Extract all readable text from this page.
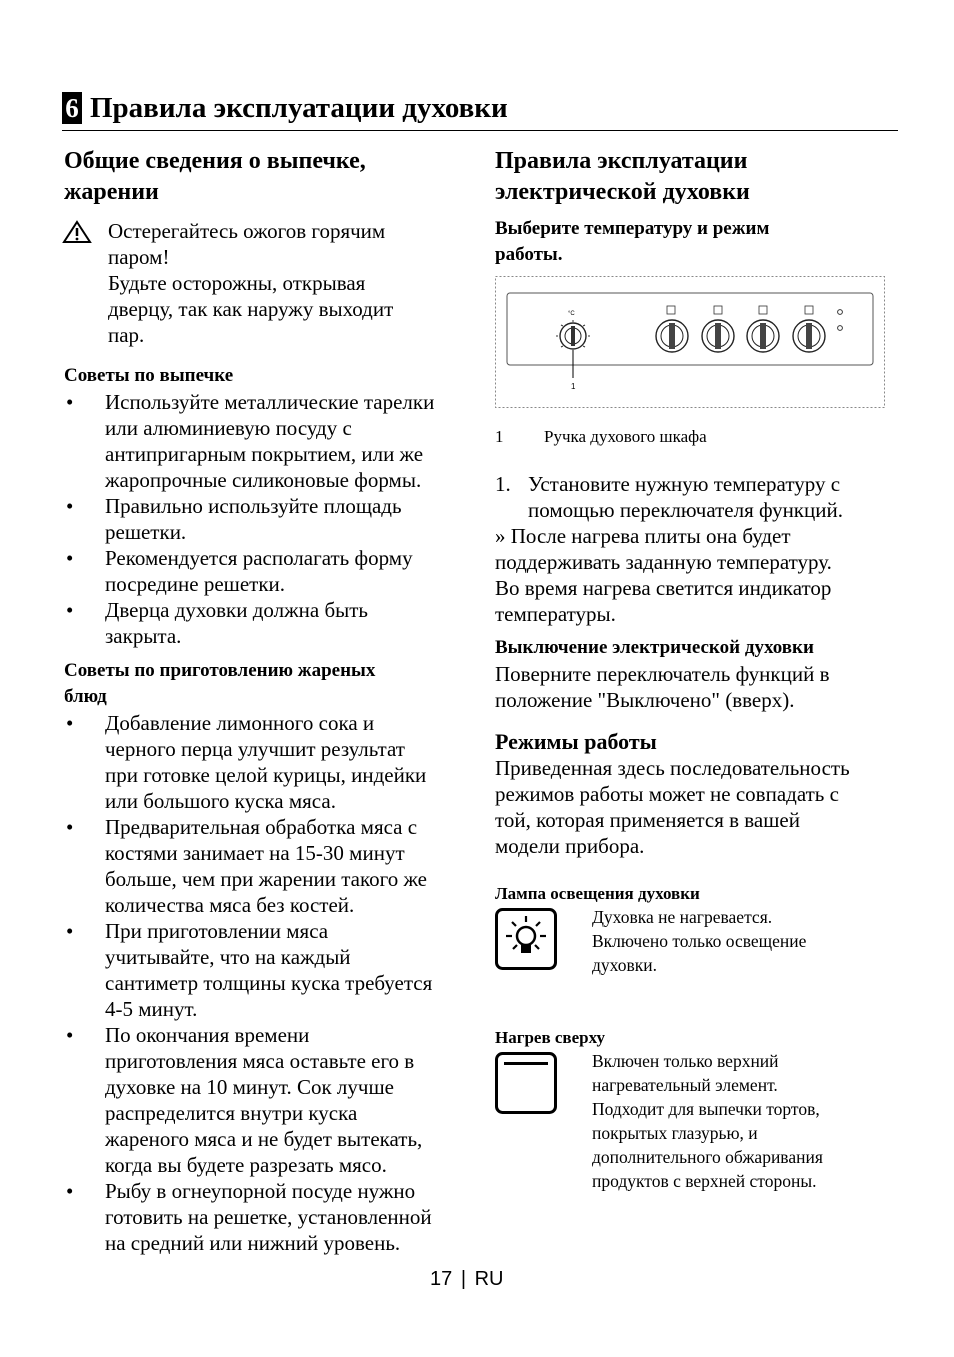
6 Правила эксплуатации духовки

Общие сведения о выпечке,

жарении

Остерегайтесь ожогов горячим

паром!

Будьте осторожны, открывая

дверцу, так как наружу выходит

пар.

Советы по выпечке

• Используйте металлические тарелки
или алюминиевую посуду с
антипригарным покрытием, или же
жаропрочные силиконовые формы.
• Правильно используйте площадь
решетки.
• Рекомендуется располагать форму
посредине решетки.
• Дверца духовки должна быть
закрыта.

Советы по приготовлению жареных

блюд

• Добавление лимонного сока и
черного перца улучшит результат
при готовке целой курицы, индейки
или большого куска мяса.
• Предварительная обработка мяса с
костями занимает на 15-30 минут
больше, чем при жарении такого же
количества мяса без костей.
• При приготовлении мяса
учитывайте, что на каждый
сантиметр толщины куска требуется
4-5 минут.
• По окончания времени
приготовления мяса оставьте его в
духовке на 10 минут. Сок лучше
распределится внутри куска
жареного мяса и не будет вытекать,
когда вы будете разрезать мясо.
• Рыбу в огнеупорной посуде нужно
готовить на решетке, установленной
на средний или нижний уровень.

Правила эксплуатации

электрической духовки

Выберите температуру и режим

работы.

°C
1
1 Ручка духового шкафа
1. Установите нужную температуру с

помощью переключателя функций.

» После нагрева плиты она будет

поддерживать заданную температуру.

Во время нагрева светится индикатор

температуры.

Выключение электрической духовки

Поверните переключатель функций в

положение "Выключено" (вверх).

Режимы работы

Приведенная здесь последовательность

режимов работы может не совпадать с

той, которая применяется в вашей

модели прибора.

Лампа освещения духовки
Духовка не нагревается.
Включено только освещение
духовки.
Нагрев сверху
Включен только верхний
нагревательный элемент.
Подходит для выпечки тортов,
покрытых глазурью, и
дополнительного обжаривания
продуктов с верхней стороны.
17 | RU
